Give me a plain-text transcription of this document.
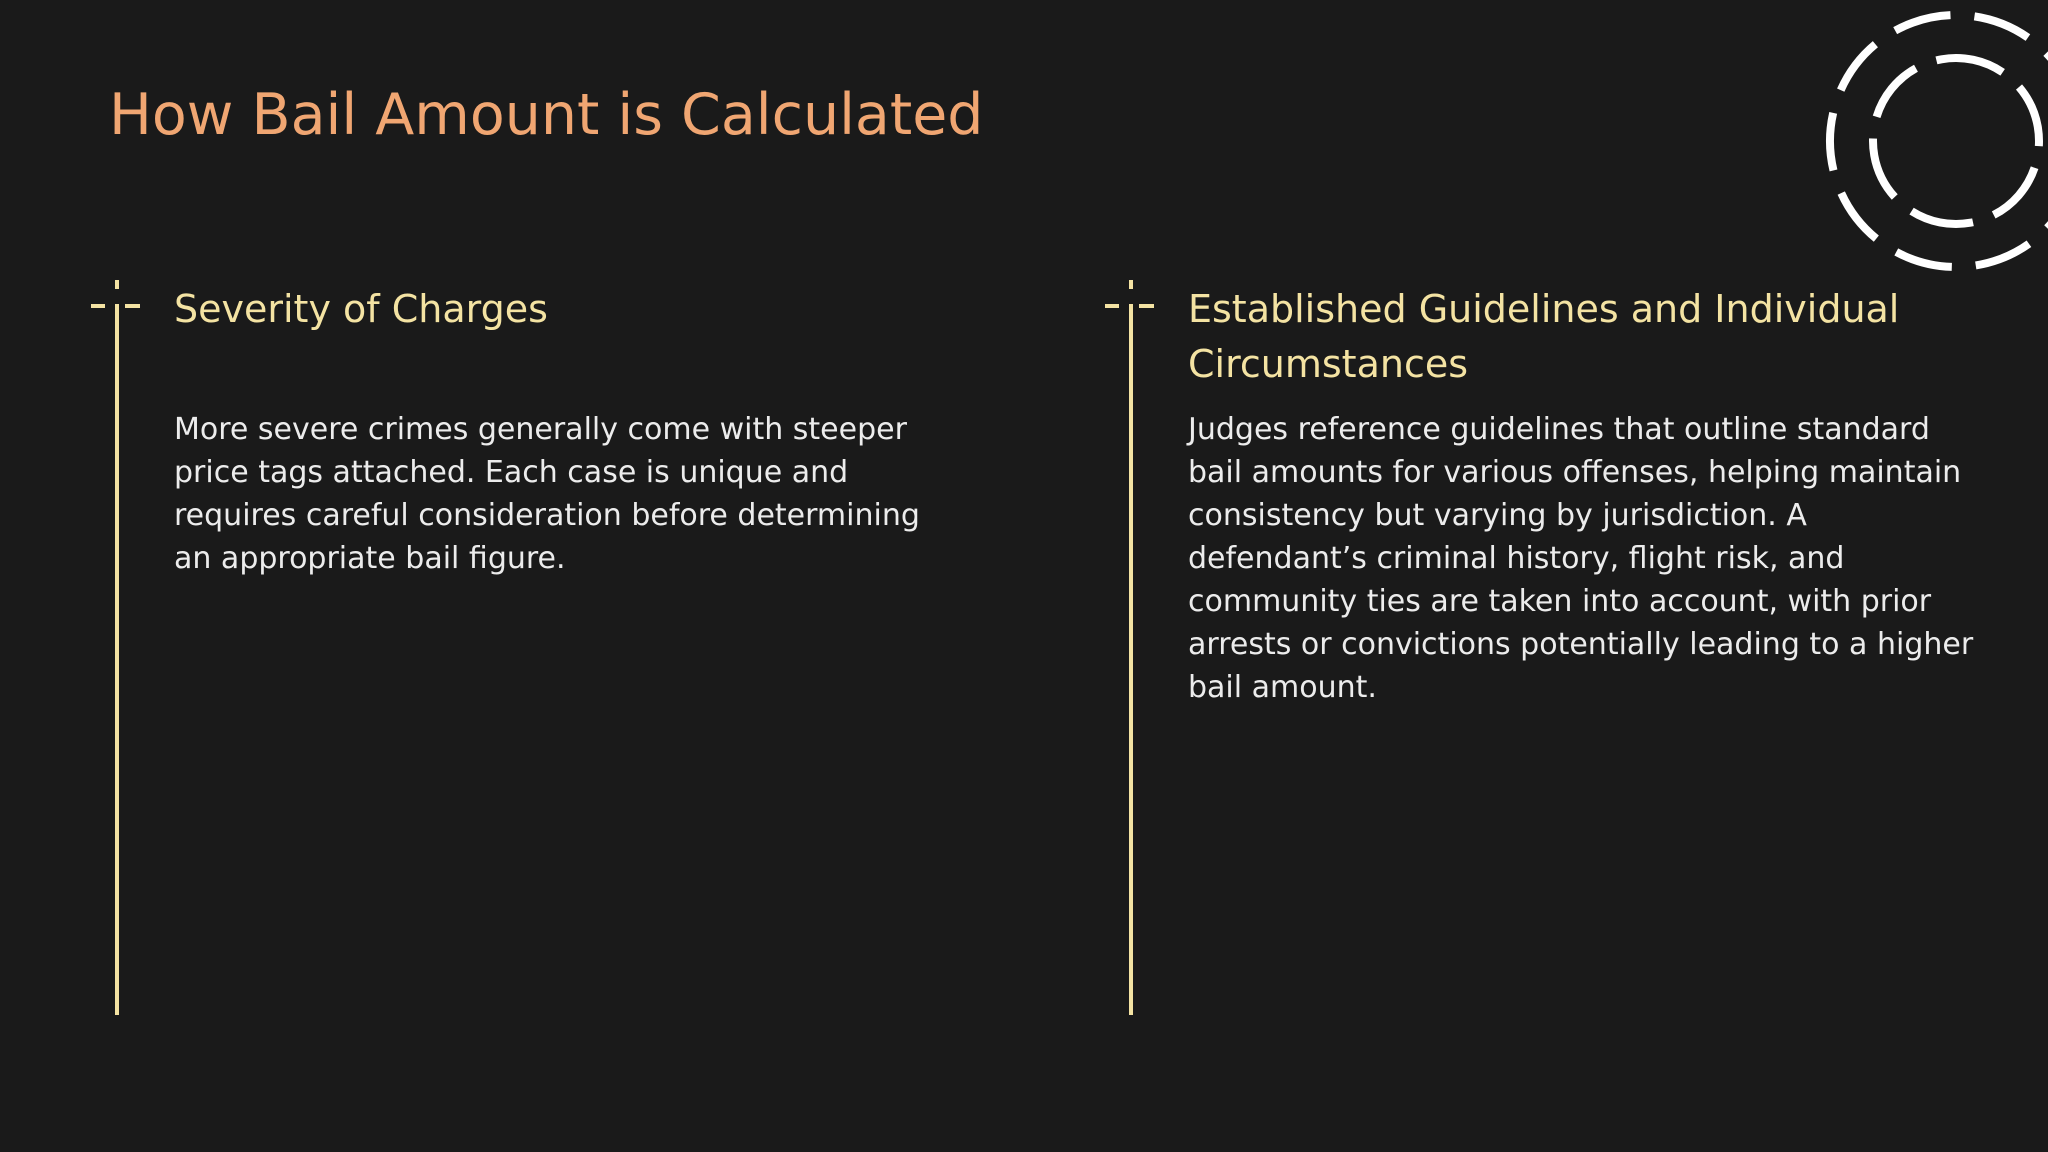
How Bail Amount is Calculated
Severity of Charges

More severe crimes generally come with steeper price tags attached. Each case is unique and requires careful consideration before determining an appropriate bail figure.

Established Guidelines and Individual Circumstances

Judges reference guidelines that outline standard bail amounts for various offenses, helping maintain consistency but varying by jurisdiction. A defendant’s criminal history, flight risk, and community ties are taken into account, with prior arrests or convictions potentially leading to a higher bail amount.
